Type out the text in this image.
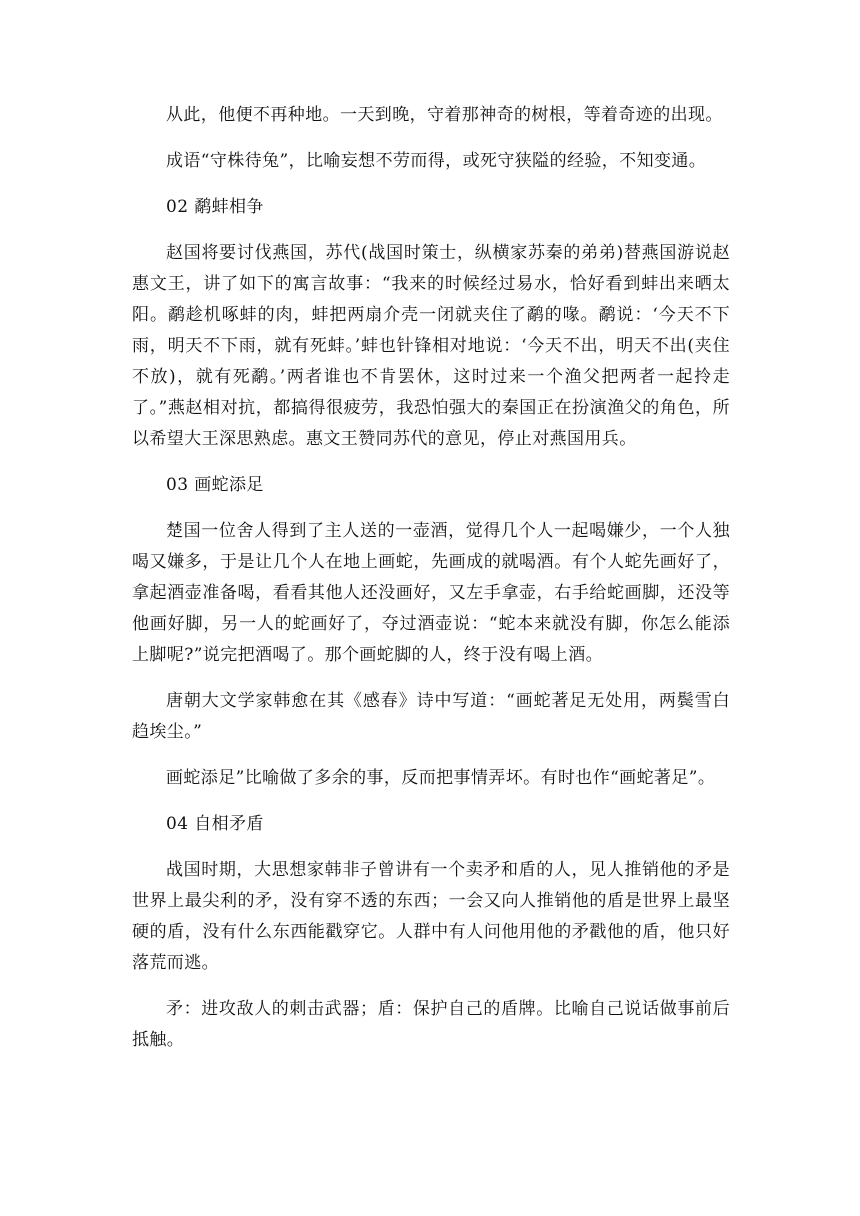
从此，他便不再种地。一天到晚，守着那神奇的树根，等着奇迹的出现。

成语“守株待兔”，比喻妄想不劳而得，或死守狭隘的经验，不知变通。

02 鹬蚌相争

赵国将要讨伐燕国，苏代(战国时策士，纵横家苏秦的弟弟)替燕国游说赵惠文王，讲了如下的寓言故事：“我来的时候经过易水，恰好看到蚌出来晒太阳。鹬趁机啄蚌的肉，蚌把两扇介壳一闭就夹住了鹬的喙。鹬说：‘今天不下雨，明天不下雨，就有死蚌。’蚌也针锋相对地说：‘今天不出，明天不出(夹住不放)，就有死鹬。’两者谁也不肯罢休，这时过来一个渔父把两者一起拎走了。”燕赵相对抗，都搞得很疲劳，我恐怕强大的秦国正在扮演渔父的角色，所以希望大王深思熟虑。惠文王赞同苏代的意见，停止对燕国用兵。

03 画蛇添足

楚国一位舍人得到了主人送的一壶酒，觉得几个人一起喝嫌少，一个人独喝又嫌多，于是让几个人在地上画蛇，先画成的就喝酒。有个人蛇先画好了，拿起酒壶准备喝，看看其他人还没画好，又左手拿壶，右手给蛇画脚，还没等他画好脚，另一人的蛇画好了，夺过酒壶说：“蛇本来就没有脚，你怎么能添上脚呢?”说完把酒喝了。那个画蛇脚的人，终于没有喝上酒。

唐朝大文学家韩愈在其《感春》诗中写道：“画蛇著足无处用，两鬓雪白趋埃尘。”

画蛇添足”比喻做了多余的事，反而把事情弄坏。有时也作“画蛇著足”。

04 自相矛盾

战国时期，大思想家韩非子曾讲有一个卖矛和盾的人，见人推销他的矛是世界上最尖利的矛，没有穿不透的东西；一会又向人推销他的盾是世界上最坚硬的盾，没有什么东西能戳穿它。人群中有人问他用他的矛戳他的盾，他只好落荒而逃。

矛：进攻敌人的刺击武器；盾：保护自己的盾牌。比喻自己说话做事前后抵触。
